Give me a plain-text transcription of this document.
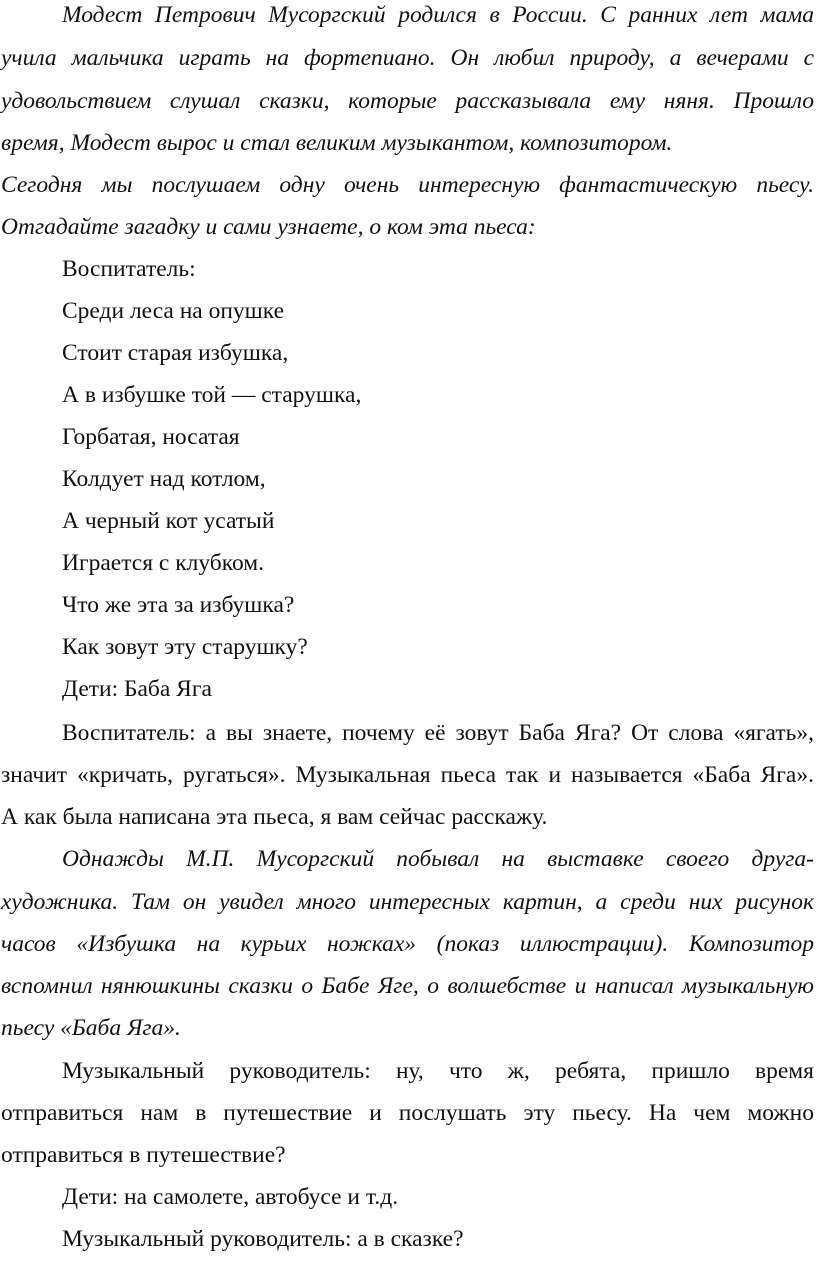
Модест Петрович Мусоргский родился в России. С ранних лет мама
учила мальчика играть на фортепиано. Он любил природу, а вечерами с
удовольствием слушал сказки, которые рассказывала ему няня. Прошло
время, Модест вырос и стал великим музыкантом, композитором.
Сегодня мы послушаем одну очень интересную фантастическую пьесу.
Отгадайте загадку и сами узнаете, о ком эта пьеса:
Воспитатель:
Среди леса на опушке
Стоит старая избушка,
А в избушке той — старушка,
Горбатая, носатая
Колдует над котлом,
А черный кот усатый
Играется с клубком.
Что же эта за избушка?
Как зовут эту старушку?
Дети: Баба Яга
Воспитатель: а вы знаете, почему её зовут Баба Яга? От слова «ягать»,
значит «кричать, ругаться». Музыкальная пьеса так и называется «Баба Яга».
А как была написана эта пьеса, я вам сейчас расскажу.
Однажды М.П. Мусоргский побывал на выставке своего друга-
художника. Там он увидел много интересных картин, а среди них рисунок
часов «Избушка на курьих ножках» (показ иллюстрации). Композитор
вспомнил нянюшкины сказки о Бабе Яге, о волшебстве и написал музыкальную
пьесу «Баба Яга».
Музыкальный руководитель: ну, что ж, ребята, пришло время
отправиться нам в путешествие и послушать эту пьесу. На чем можно
отправиться в путешествие?
Дети: на самолете, автобусе и т.д.
Музыкальный руководитель: а в сказке?
